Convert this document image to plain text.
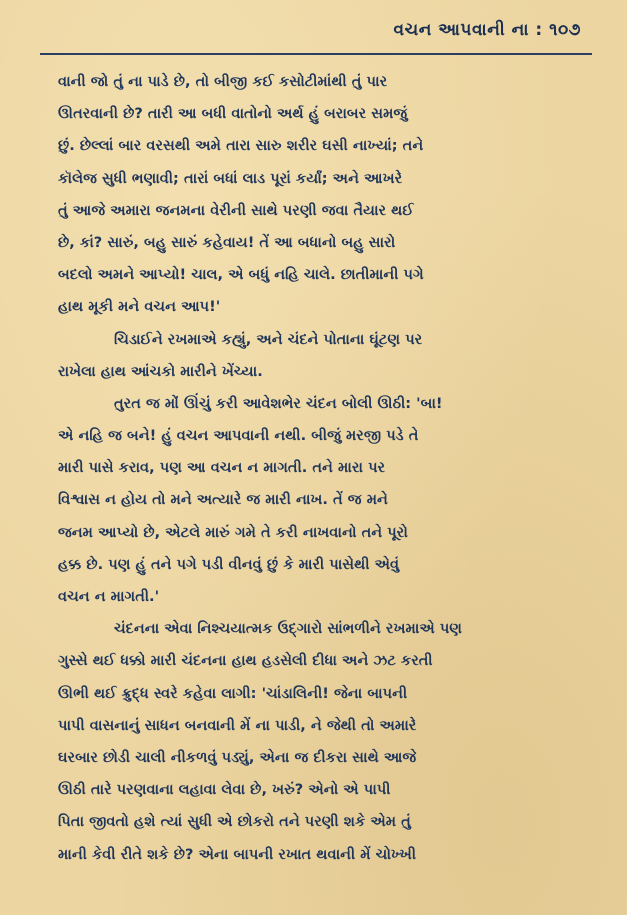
વચન આપવાની ના : ૧૦૭
વાની જો તું ના પાડે છે, તો બીજી કઈ કસોટીમાંથી તું પાર
ઊતરવાની છે? તારી આ બધી વાતોનો અર્થ હું બરાબર સમજું
છું. છેલ્લાં બાર વરસથી અમે તારા સારુ શરીર ઘસી નાખ્યાં; તને
કૉલેજ સુધી ભણાવી; તારાં બધાં લાડ પૂરાં કર્યાં; અને આખરે
તું આજે અમારા જનમના વેરીની સાથે પરણી જવા તૈયાર થઈ
છે, કાં? સારું, બહુ સારું કહેવાય! તેં આ બધાનો બહુ સારો
બદલો અમને આપ્યો! ચાલ, એ બધું નહિ ચાલે. છાતીમાની પગે
હાથ મૂકી મને વચન આપ!'
ચિડાઈને રખમાએ કહ્યું, અને ચંદને પોતાના ઘૂંટણ પર
રાખેલા હાથ આંચકો મારીને ખેંચ્યા.
તુરત જ મોં ઊંચું કરી આવેશભેર ચંદન બોલી ઊઠી: 'બા!
એ નહિ જ બને! હું વચન આપવાની નથી. બીજું મરજી પડે તે
મારી પાસે કરાવ, પણ આ વચન ન માગતી. તને મારા પર
વિશ્વાસ ન હોય તો મને અત્યારે જ મારી નાખ. તેં જ મને
જનમ આપ્યો છે, એટલે મારું ગમે તે કરી નાખવાનો તને પૂરો
હક્ક છે. પણ હું તને પગે પડી વીનવું છું કે મારી પાસેથી એવું
વચન ન માગતી.'
ચંદનના એવા નિશ્ચયાત્મક ઉદ્ગારો સાંભળીને રખમાએ પણ
ગુસ્સે થઈ ધક્કો મારી ચંદનના હાથ હડસેલી દીધા અને ઝટ કરતી
ઊભી થઈ ક્રુદ્ધ સ્વરે કહેવા લાગી: 'ચાંડાલિની! જેના બાપની
પાપી વાસનાનું સાધન બનવાની મેં ના પાડી, ને જેથી તો અમારે
ઘરબાર છોડી ચાલી નીકળવું પડ્યું, એના જ દીકરા સાથે આજે
ઊઠી તારે પરણવાના લહાવા લેવા છે, ખરું? એનો એ પાપી
પિતા જીવતો હશે ત્યાં સુધી એ છોકરો તને પરણી શકે એમ તું
માની કેવી રીતે શકે છે? એના બાપની રખાત થવાની મેં ચોખ્ખી
